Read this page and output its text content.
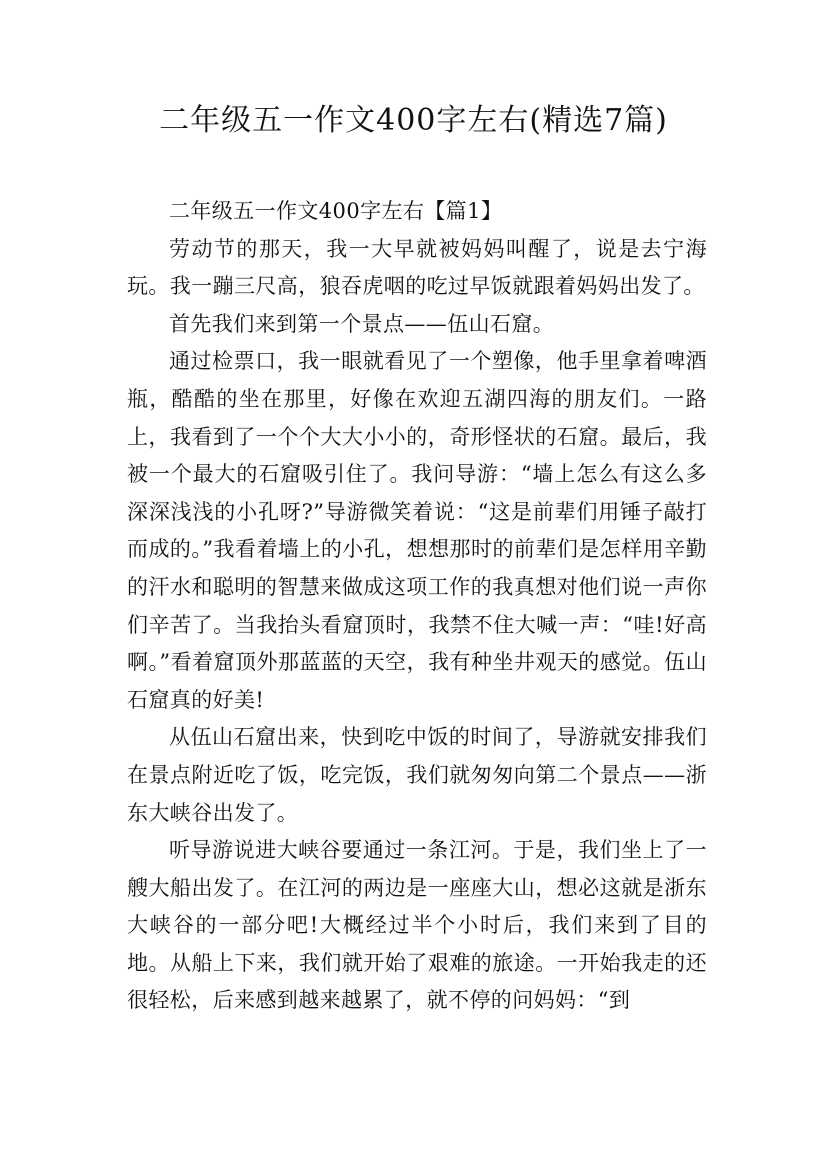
二年级五一作文400字左右(精选7篇)

二年级五一作文400字左右【篇1】

劳动节的那天，我一大早就被妈妈叫醒了，说是去宁海玩。我一蹦三尺高，狼吞虎咽的吃过早饭就跟着妈妈出发了。

首先我们来到第一个景点——伍山石窟。

通过检票口，我一眼就看见了一个塑像，他手里拿着啤酒瓶，酷酷的坐在那里，好像在欢迎五湖四海的朋友们。一路上，我看到了一个个大大小小的，奇形怪状的石窟。最后，我被一个最大的石窟吸引住了。我问导游：“墙上怎么有这么多深深浅浅的小孔呀?”导游微笑着说：“这是前辈们用锤子敲打而成的。”我看着墙上的小孔，想想那时的前辈们是怎样用辛勤的汗水和聪明的智慧来做成这项工作的我真想对他们说一声你们辛苦了。当我抬头看窟顶时，我禁不住大喊一声：“哇!好高啊。”看着窟顶外那蓝蓝的天空，我有种坐井观天的感觉。伍山石窟真的好美!

从伍山石窟出来，快到吃中饭的时间了，导游就安排我们在景点附近吃了饭，吃完饭，我们就匆匆向第二个景点——浙东大峡谷出发了。

听导游说进大峡谷要通过一条江河。于是，我们坐上了一艘大船出发了。在江河的两边是一座座大山，想必这就是浙东大峡谷的一部分吧!大概经过半个小时后，我们来到了目的地。从船上下来，我们就开始了艰难的旅途。一开始我走的还很轻松，后来感到越来越累了，就不停的问妈妈：“到
